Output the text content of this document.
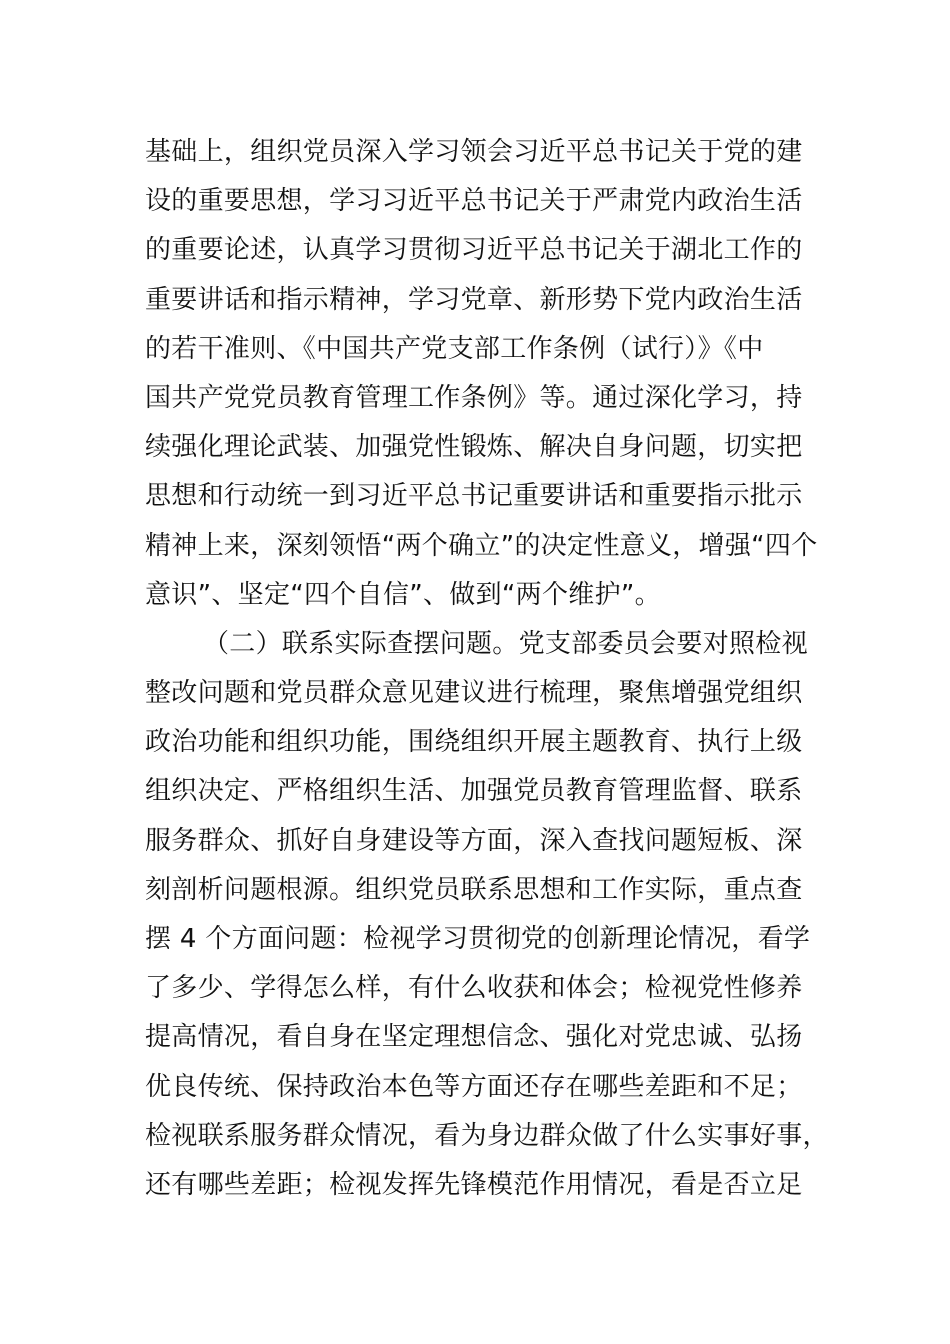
基础上，组织党员深入学习领会习近平总书记关于党的建
设的重要思想，学习习近平总书记关于严肃党内政治生活
的重要论述，认真学习贯彻习近平总书记关于湖北工作的
重要讲话和指示精神，学习党章、新形势下党内政治生活
的若干准则、《中国共产党支部工作条例（试行）》《中
国共产党党员教育管理工作条例》等。通过深化学习，持
续强化理论武装、加强党性锻炼、解决自身问题，切实把
思想和行动统一到习近平总书记重要讲话和重要指示批示
精神上来，深刻领悟“两个确立”的决定性意义，增强“四个
意识”、坚定“四个自信”、做到“两个维护”。
（二）联系实际查摆问题。党支部委员会要对照检视
整改问题和党员群众意见建议进行梳理，聚焦增强党组织
政治功能和组织功能，围绕组织开展主题教育、执行上级
组织决定、严格组织生活、加强党员教育管理监督、联系
服务群众、抓好自身建设等方面，深入查找问题短板、深
刻剖析问题根源。组织党员联系思想和工作实际，重点查
摆 4 个方面问题：检视学习贯彻党的创新理论情况，看学
了多少、学得怎么样，有什么收获和体会；检视党性修养
提高情况，看自身在坚定理想信念、强化对党忠诚、弘扬
优良传统、保持政治本色等方面还存在哪些差距和不足；
检视联系服务群众情况，看为身边群众做了什么实事好事，
还有哪些差距；检视发挥先锋模范作用情况，看是否立足
